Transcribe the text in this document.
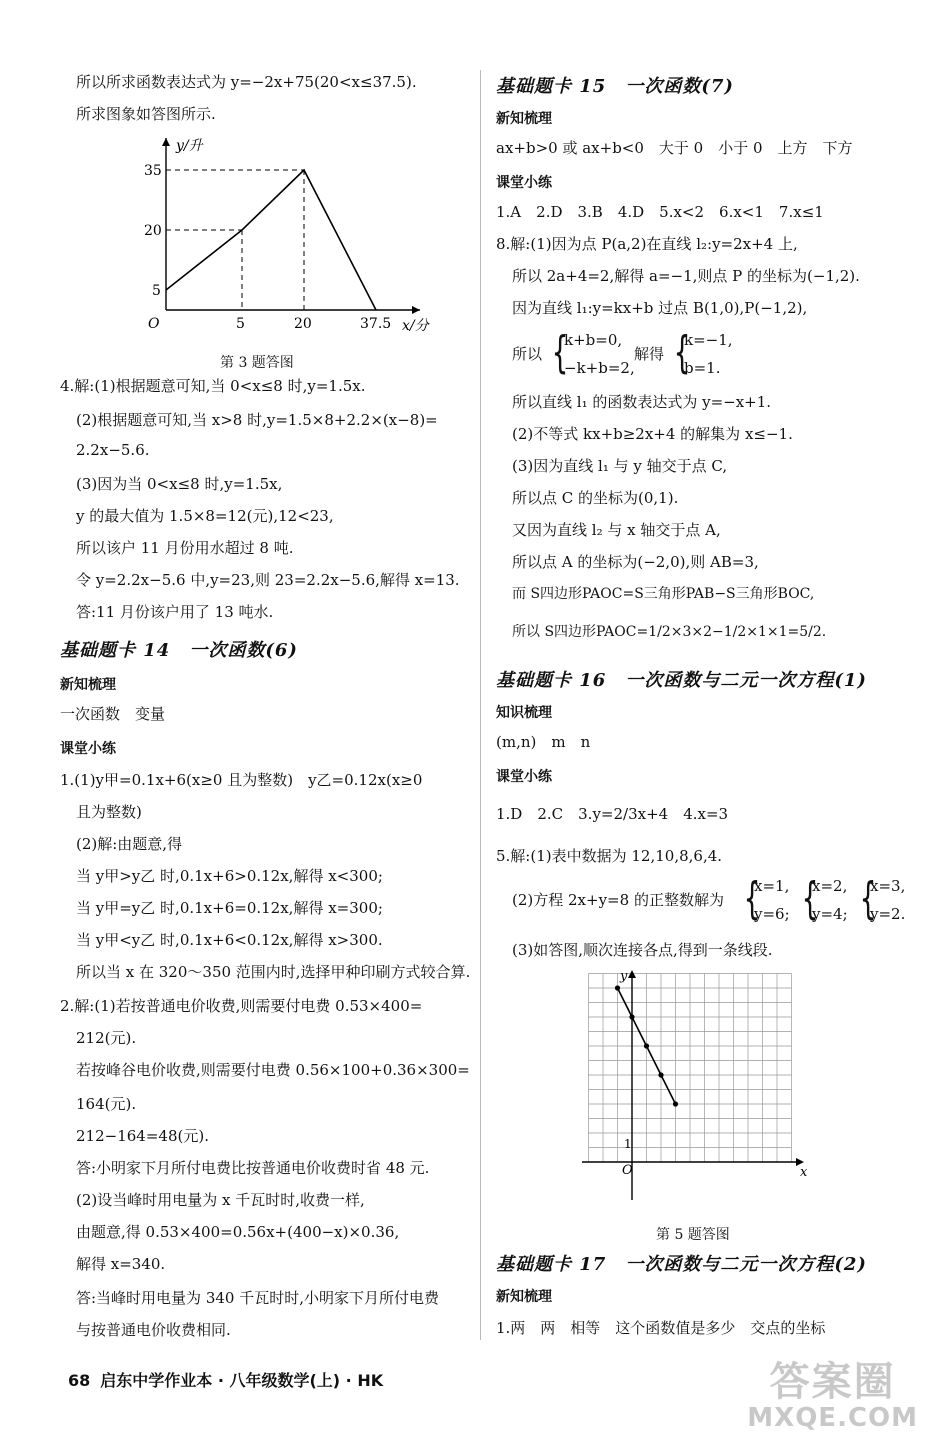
所以所求函数表达式为 y=−2x+75(20<x≤37.5).
所求图象如答图所示.
y/升
x/分
O	5	20	37.5
35
20
5
第 3 题答图
4.解:(1)根据题意可知,当 0<x≤8 时,y=1.5x.
(2)根据题意可知,当 x>8 时,y=1.5×8+2.2×(x−8)=
2.2x−5.6.
(3)因为当 0<x≤8 时,y=1.5x,
y 的最大值为 1.5×8=12(元),12<23,
所以该户 11 月份用水超过 8 吨.
令 y=2.2x−5.6 中,y=23,则 23=2.2x−5.6,解得 x=13.
答:11 月份该户用了 13 吨水.
基础题卡 14　一次函数(6)
新知梳理
一次函数　变量
课堂小练
1.(1)y甲=0.1x+6(x≥0 且为整数)　y乙=0.12x(x≥0
且为整数)
(2)解:由题意,得
当 y甲>y乙 时,0.1x+6>0.12x,解得 x<300;
当 y甲=y乙 时,0.1x+6=0.12x,解得 x=300;
当 y甲<y乙 时,0.1x+6<0.12x,解得 x>300.
所以当 x 在 320～350 范围内时,选择甲种印刷方式较合算.
2.解:(1)若按普通电价收费,则需要付电费 0.53×400=
212(元).
若按峰谷电价收费,则需要付电费 0.56×100+0.36×300=
164(元).
212−164=48(元).
答:小明家下月所付电费比按普通电价收费时省 48 元.
(2)设当峰时用电量为 x 千瓦时时,收费一样,
由题意,得 0.53×400=0.56x+(400−x)×0.36,
解得 x=340.
答:当峰时用电量为 340 千瓦时时,小明家下月所付电费
与按普通电价收费相同.
基础题卡 15　一次函数(7)
新知梳理
ax+b>0 或 ax+b<0　大于 0　小于 0　上方　下方
课堂小练
1.A　2.D　3.B　4.D　5.x<2　6.x<1　7.x≤1
8.解:(1)因为点 P(a,2)在直线 l₂:y=2x+4 上,
所以 2a+4=2,解得 a=−1,则点 P 的坐标为(−1,2).
因为直线 l₁:y=kx+b 过点 B(1,0),P(−1,2),
所以 {
k+b=0,
−k+b=2,
解得 {
k=−1,
b=1.
所以直线 l₁ 的函数表达式为 y=−x+1.
(2)不等式 kx+b≥2x+4 的解集为 x≤−1.
(3)因为直线 l₁ 与 y 轴交于点 C,
所以点 C 的坐标为(0,1).
又因为直线 l₂ 与 x 轴交于点 A,
所以点 A 的坐标为(−2,0),则 AB=3,
而 S四边形PAOC=S三角形PAB−S三角形BOC,
所以 S四边形PAOC=1/2×3×2−1/2×1×1=5/2.
基础题卡 16　一次函数与二元一次方程(1)
知识梳理
(m,n)　m　n
课堂小练
1.D　2.C　3.y=2/3x+4　4.x=3
5.解:(1)表中数据为 12,10,8,6,4.
(2)方程 2x+y=8 的正整数解为 {
x=1,
y=6; {
x=2,
y=4; {
x=3,
y=2.
(3)如答图,顺次连接各点,得到一条线段.
y
x
O
1
第 5 题答图
基础题卡 17　一次函数与二元一次方程(2)
新知梳理
1.两　两　相等　这个函数值是多少　交点的坐标
68 启东中学作业本 · 八年级数学(上) · HK	答案圈
MXQE.COM
